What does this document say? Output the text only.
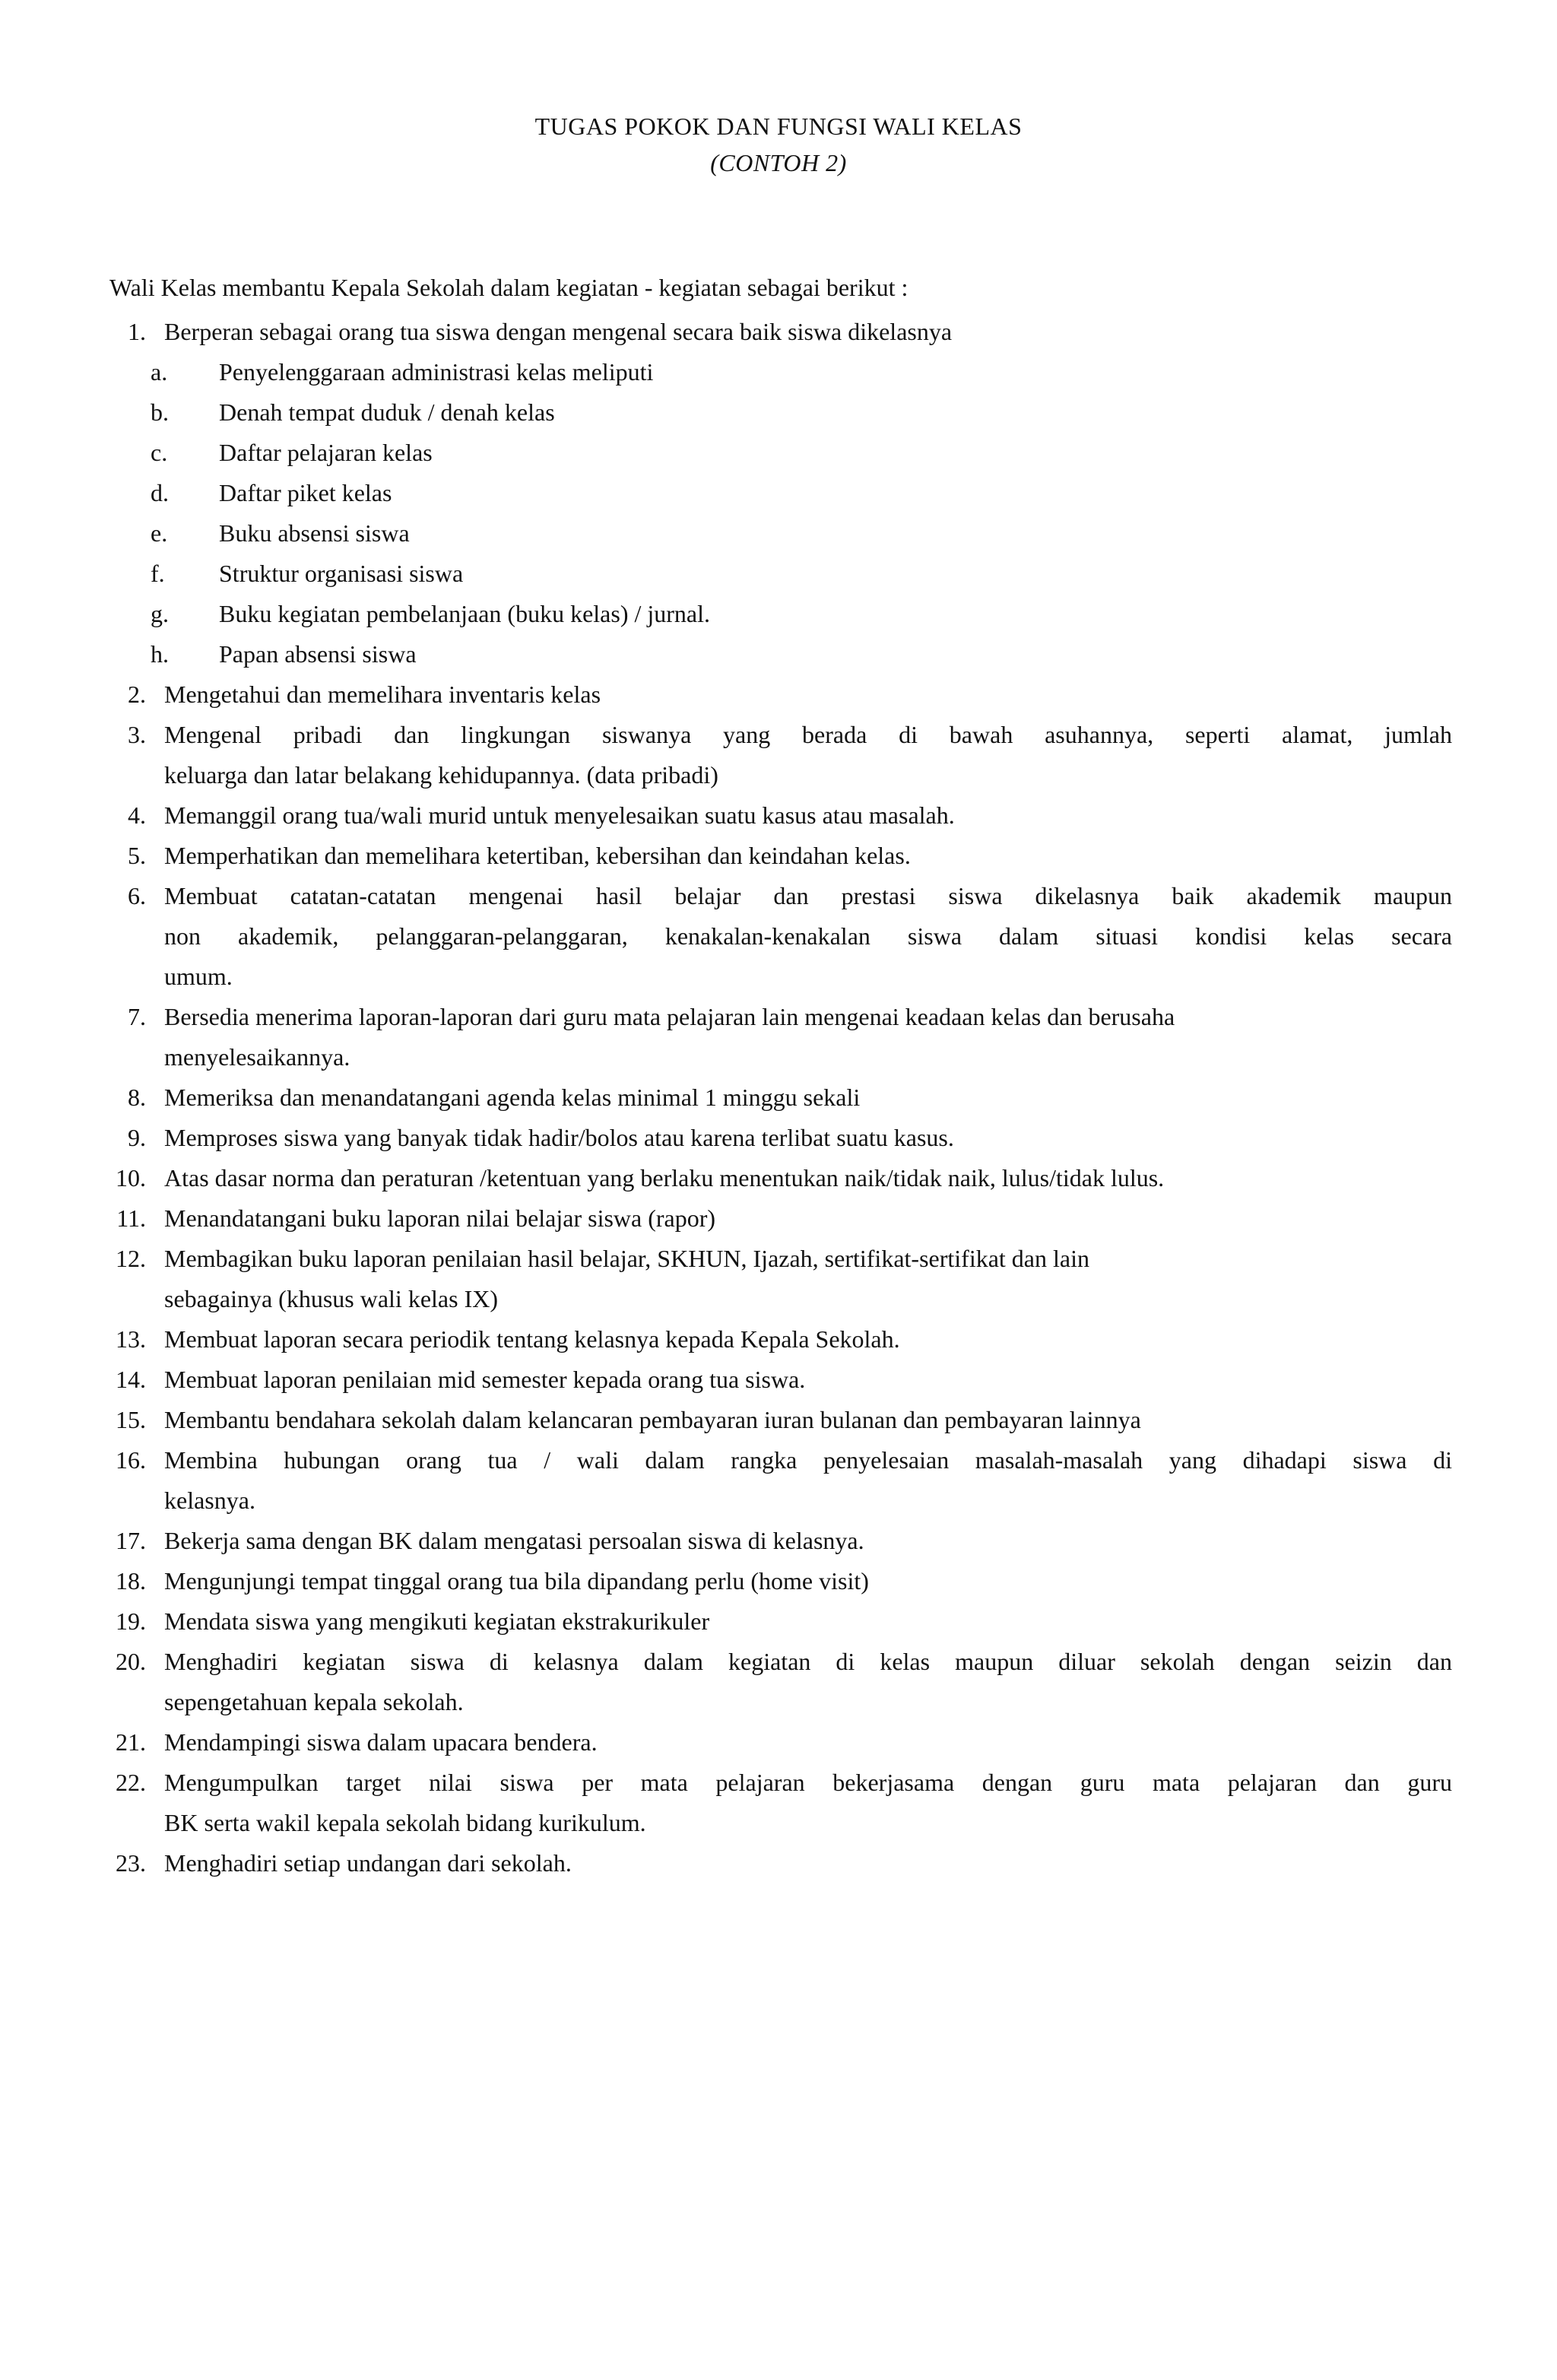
TUGAS POKOK DAN FUNGSI WALI KELAS
(CONTOH 2)
Wali Kelas membantu Kepala Sekolah dalam kegiatan - kegiatan sebagai berikut :
1. Berperan sebagai orang tua siswa dengan mengenal secara baik siswa dikelasnya
a.	Penyelenggaraan administrasi kelas meliputi
b.	Denah tempat duduk / denah kelas
c.	Daftar pelajaran kelas
d.	Daftar piket kelas
e.	Buku absensi siswa
f.	Struktur organisasi siswa
g.	Buku kegiatan pembelanjaan (buku kelas) / jurnal.
h.	Papan absensi siswa
2. Mengetahui dan memelihara inventaris kelas
3. Mengenal pribadi dan lingkungan siswanya yang berada di bawah asuhannya, seperti alamat, jumlah
keluarga dan latar belakang kehidupannya. (data pribadi)
4. Memanggil orang tua/wali murid untuk menyelesaikan suatu kasus atau masalah.
5. Memperhatikan dan memelihara ketertiban, kebersihan dan keindahan kelas.
6. Membuat catatan-catatan mengenai hasil belajar dan prestasi siswa dikelasnya baik akademik maupun
non akademik, pelanggaran-pelanggaran, kenakalan-kenakalan siswa dalam situasi kondisi kelas secara
umum.
7. Bersedia menerima laporan-laporan dari guru mata pelajaran lain mengenai keadaan kelas dan berusaha
menyelesaikannya.
8. Memeriksa dan menandatangani agenda kelas minimal 1 minggu sekali
9. Memproses siswa yang banyak tidak hadir/bolos atau karena terlibat suatu kasus.
10. Atas dasar norma dan peraturan /ketentuan yang berlaku menentukan naik/tidak naik, lulus/tidak lulus.
11. Menandatangani buku laporan nilai belajar siswa (rapor)
12. Membagikan buku laporan penilaian hasil belajar, SKHUN, Ijazah, sertifikat-sertifikat dan lain
sebagainya (khusus wali kelas IX)
13. Membuat laporan secara periodik tentang kelasnya kepada Kepala Sekolah.
14. Membuat laporan penilaian mid semester kepada orang tua siswa.
15. Membantu bendahara sekolah dalam kelancaran pembayaran iuran bulanan dan pembayaran lainnya
16. Membina hubungan orang tua / wali dalam rangka penyelesaian masalah-masalah yang dihadapi siswa di
kelasnya.
17. Bekerja sama dengan BK dalam mengatasi persoalan siswa di kelasnya.
18. Mengunjungi tempat tinggal orang tua bila dipandang perlu (home visit)
19. Mendata siswa yang mengikuti kegiatan ekstrakurikuler
20. Menghadiri kegiatan siswa di kelasnya dalam kegiatan di kelas maupun diluar sekolah dengan seizin dan
sepengetahuan kepala sekolah.
21. Mendampingi siswa dalam upacara bendera.
22. Mengumpulkan target nilai siswa per mata pelajaran bekerjasama dengan guru mata pelajaran dan guru
BK serta wakil kepala sekolah bidang kurikulum.
23. Menghadiri setiap undangan dari sekolah.
